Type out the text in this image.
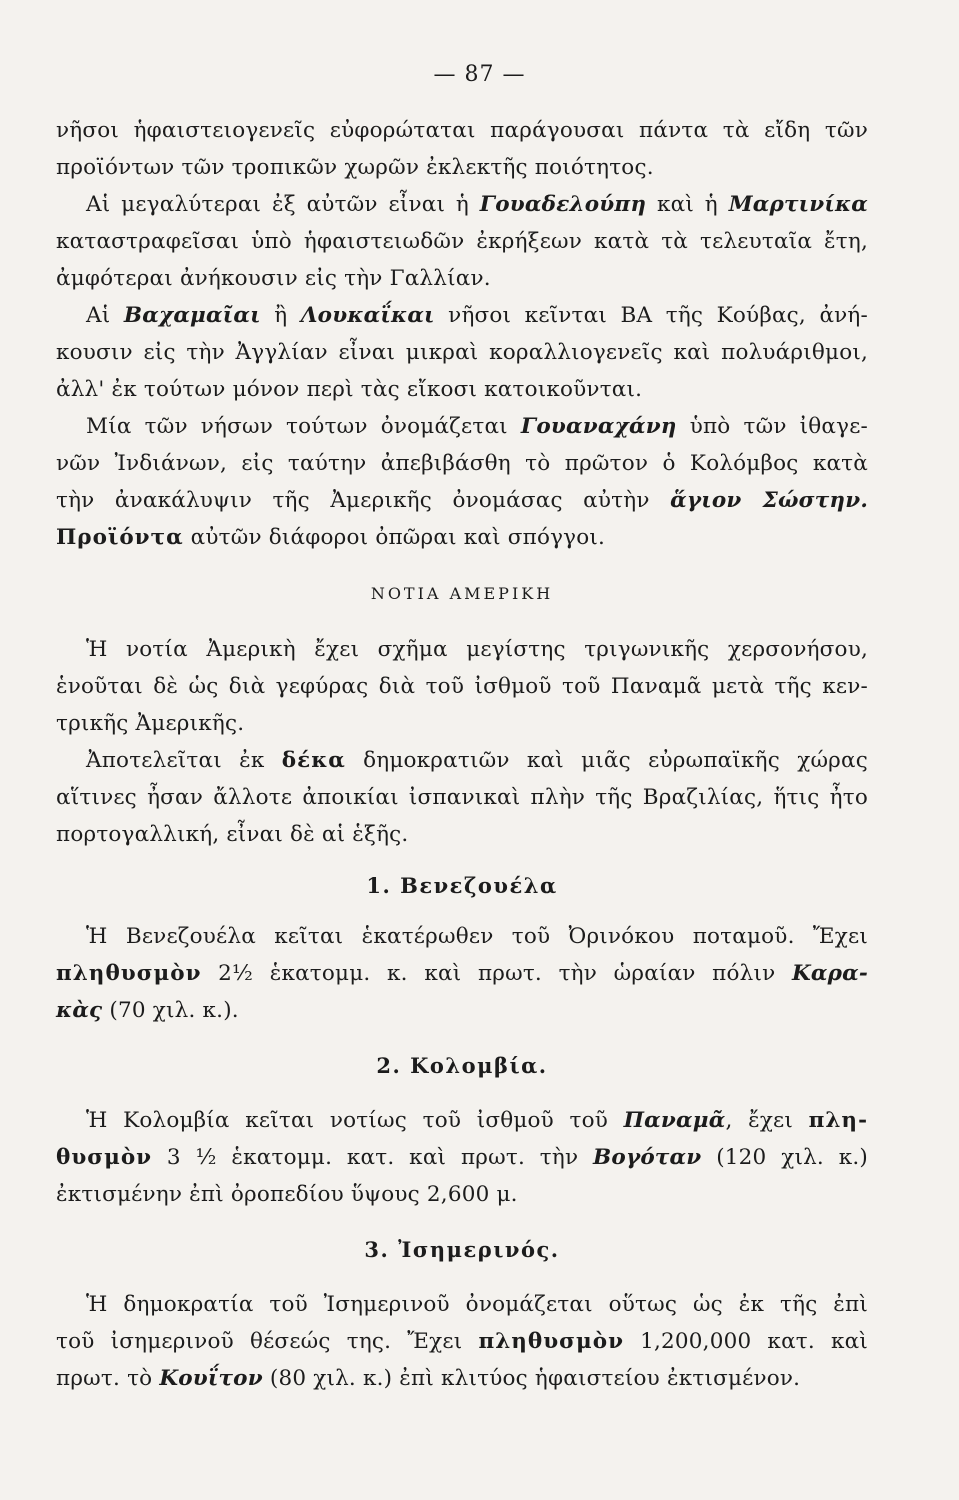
— 87 —
νῆσοι ἡφαιστειογενεῖς εὐφορώταται παράγουσαι πάντα τὰ εἴδη τῶν
προϊόντων τῶν τροπικῶν χωρῶν ἐκλεκτῆς ποιότητος.
Αἱ μεγαλύτεραι ἐξ αὐτῶν εἶναι ἡ Γουαδελούπη καὶ ἡ Μαρτινίκα
καταστραφεῖσαι ὑπὸ ἡφαιστειωδῶν ἐκρήξεων κατὰ τὰ τελευταῖα ἔτη,
ἀμφότεραι ἀνήκουσιν εἰς τὴν Γαλλίαν.
Αἱ Βαχαμαῖαι ἢ Λουκαΐκαι νῆσοι κεῖνται ΒΑ τῆς Κούβας, ἀνή-
κουσιν εἰς τὴν Ἀγγλίαν εἶναι μικραὶ κοραλλιογενεῖς καὶ πολυάριθμοι,
ἀλλ' ἐκ τούτων μόνον περὶ τὰς εἴκοσι κατοικοῦνται.
Μία τῶν νήσων τούτων ὀνομάζεται Γουαναχάνη ὑπὸ τῶν ἰθαγε-
νῶν Ἰνδιάνων, εἰς ταύτην ἀπεβιβάσθη τὸ πρῶτον ὁ Κολόμβος κατὰ
τὴν ἀνακάλυψιν τῆς Ἀμερικῆς ὀνομάσας αὐτὴν ἅγιον Σώστην.
Προϊόντα αὐτῶν διάφοροι ὀπῶραι καὶ σπόγγοι.
ΝΟΤΙΑ ΑΜΕΡΙΚΗ
Ἡ νοτία Ἀμερικὴ ἔχει σχῆμα μεγίστης τριγωνικῆς χερσονήσου,
ἑνοῦται δὲ ὡς διὰ γεφύρας διὰ τοῦ ἰσθμοῦ τοῦ Παναμᾶ μετὰ τῆς κεν-
τρικῆς Ἀμερικῆς.
Ἀποτελεῖται ἐκ δέκα δημοκρατιῶν καὶ μιᾶς εὐρωπαϊκῆς χώρας
αἵτινες ἦσαν ἄλλοτε ἀποικίαι ἰσπανικαὶ πλὴν τῆς Βραζιλίας, ἥτις ἦτο
πορτογαλλική, εἶναι δὲ αἱ ἑξῆς.
1. Βενεζουέλα
Ἡ Βενεζουέλα κεῖται ἑκατέρωθεν τοῦ Ὀρινόκου ποταμοῦ. Ἔχει
πληθυσμὸν 2½ ἑκατομμ. κ. καὶ πρωτ. τὴν ὡραίαν πόλιν Καρα-
κὰς (70 χιλ. κ.).
2. Κολομβία.
Ἡ Κολομβία κεῖται νοτίως τοῦ ἰσθμοῦ τοῦ Παναμᾶ, ἔχει πλη-
θυσμὸν 3 ½ ἑκατομμ. κατ. καὶ πρωτ. τὴν Βογόταν (120 χιλ. κ.)
ἐκτισμένην ἐπὶ ὀροπεδίου ὕψους 2,600 μ.
3. Ἰσημερινός.
Ἡ δημοκρατία τοῦ Ἰσημερινοῦ ὀνομάζεται οὕτως ὡς ἐκ τῆς ἐπὶ
τοῦ ἰσημερινοῦ θέσεώς της. Ἔχει πληθυσμὸν 1,200,000 κατ. καὶ
πρωτ. τὸ Κουΐτον (80 χιλ. κ.) ἐπὶ κλιτύος ἡφαιστείου ἐκτισμένον.
